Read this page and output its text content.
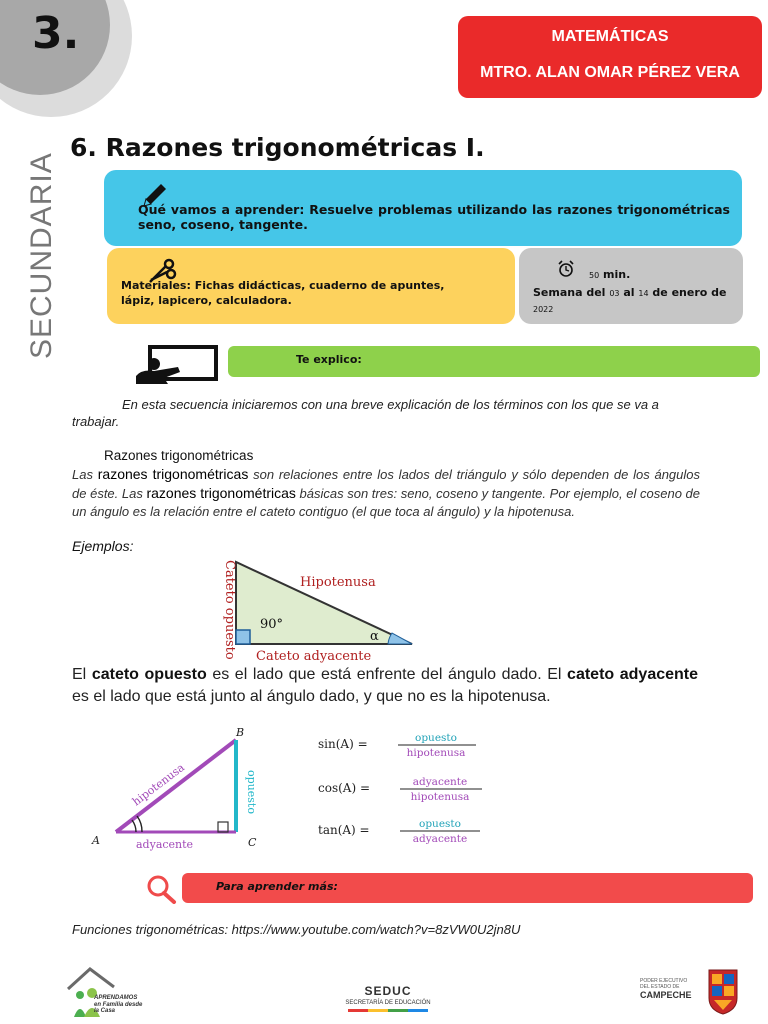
3.	MATEMÁTICAS
MTRO. ALAN OMAR PÉREZ VERA
SECUNDARIA
6. Razones trigonométricas I.
Qué vamos a aprender: Resuelve problemas utilizando las razones trigonométricas seno, coseno, tangente.
Materiales: Fichas didácticas, cuaderno de apuntes, lápiz, lapicero, calculadora.
50 min.
Semana del 03 al 14 de enero de 2022
Te explico:
En esta secuencia iniciaremos con una breve explicación de los términos con los que se va a trabajar.
Razones trigonométricas
Las razones trigonométricas son relaciones entre los lados del triángulo y sólo dependen de los ángulos de éste. Las razones trigonométricas básicas son tres: seno, coseno y tangente. Por ejemplo, el coseno de un ángulo es la relación entre el cateto contiguo (el que toca al ángulo) y la hipotenusa.
Ejemplos:
Cateto opuesto	Hipotenusa
90°
α
Cateto adyacente
El cateto opuesto es el lado que está enfrente del ángulo dado. El cateto adyacente es el lado que está junto al ángulo dado, y que no es la hipotenusa.
A
B
C
hipotenusa	opuesto
adyacente
sin(A) =	opuesto
hipotenusa
cos(A) =	adyacente
hipotenusa
tan(A) =	opuesto
adyacente
Para aprender más:
Funciones trigonométricas: https://www.youtube.com/watch?v=8zVW0U2jn8U
APRENDAMOS
en Familia desde
la Casa
SEDUC
SECRETARÍA DE EDUCACIÓN
PODER EJECUTIVO
DEL ESTADO DE
CAMPECHE
